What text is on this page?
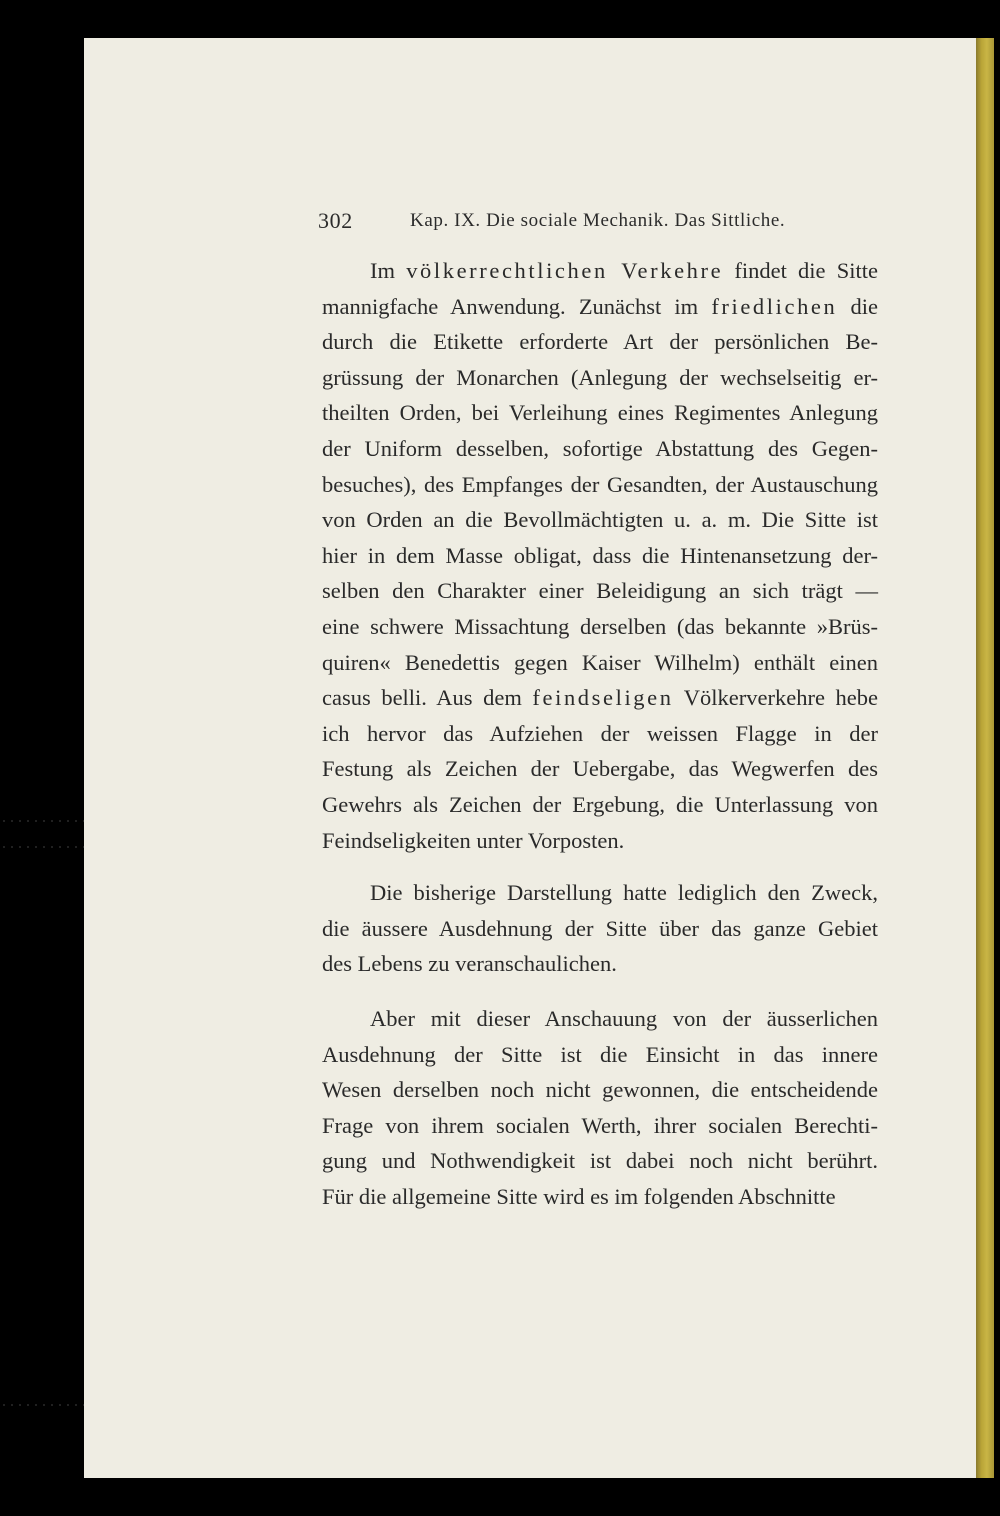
302	Kap. IX. Die sociale Mechanik. Das Sittliche.
Im völkerrechtlichen Verkehre findet die Sitte
mannigfache Anwendung. Zunächst im friedlichen die
durch die Etikette erforderte Art der persönlichen Be-
grüssung der Monarchen (Anlegung der wechselseitig er-
theilten Orden, bei Verleihung eines Regimentes Anlegung
der Uniform desselben, sofortige Abstattung des Gegen-
besuches), des Empfanges der Gesandten, der Austauschung
von Orden an die Bevollmächtigten u. a. m. Die Sitte ist
hier in dem Masse obligat, dass die Hintenansetzung der-
selben den Charakter einer Beleidigung an sich trägt —
eine schwere Missachtung derselben (das bekannte »Brüs-
quiren« Benedettis gegen Kaiser Wilhelm) enthält einen
casus belli. Aus dem feindseligen Völkerverkehre hebe
ich hervor das Aufziehen der weissen Flagge in der
Festung als Zeichen der Uebergabe, das Wegwerfen des
Gewehrs als Zeichen der Ergebung, die Unterlassung von
Feindseligkeiten unter Vorposten.
Die bisherige Darstellung hatte lediglich den Zweck,
die äussere Ausdehnung der Sitte über das ganze Gebiet
des Lebens zu veranschaulichen.
Aber mit dieser Anschauung von der äusserlichen
Ausdehnung der Sitte ist die Einsicht in das innere
Wesen derselben noch nicht gewonnen, die entscheidende
Frage von ihrem socialen Werth, ihrer socialen Berechti-
gung und Nothwendigkeit ist dabei noch nicht berührt.
Für die allgemeine Sitte wird es im folgenden Abschnitte
